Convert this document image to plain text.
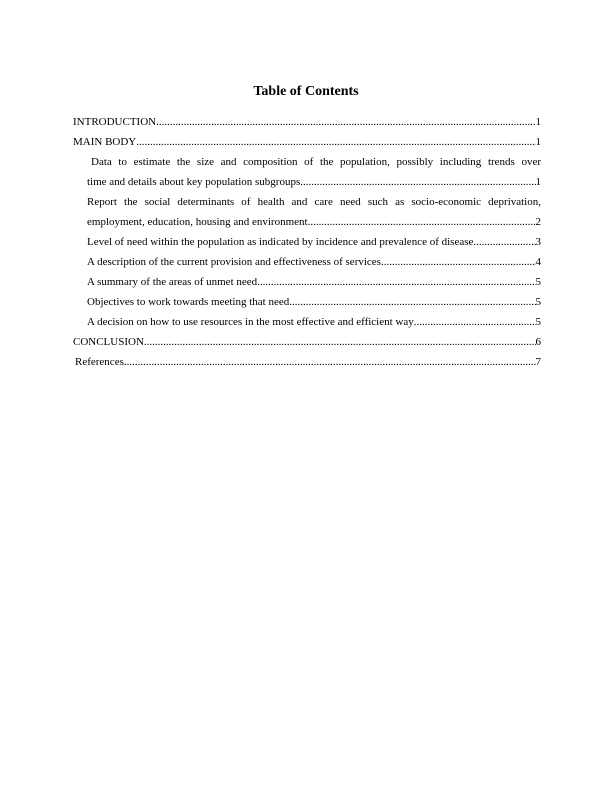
Table of Contents
INTRODUCTION .....	1
MAIN BODY .....	1
Data to estimate the size and composition of the population, possibly including trends over
time and details about key population subgroups. .....	1
Report the social determinants of health and care need such as socio-economic deprivation,
employment, education, housing and environment .....	2
Level of need within the population as indicated by incidence and prevalence of disease .....	3
A description of the current provision and effectiveness of services .....	4
A summary of the areas of unmet need .....	5
Objectives to work towards meeting that need .....	5
A decision on how to use resources in the most effective and efficient way .....	5
CONCLUSION .....	6
References .....	7
